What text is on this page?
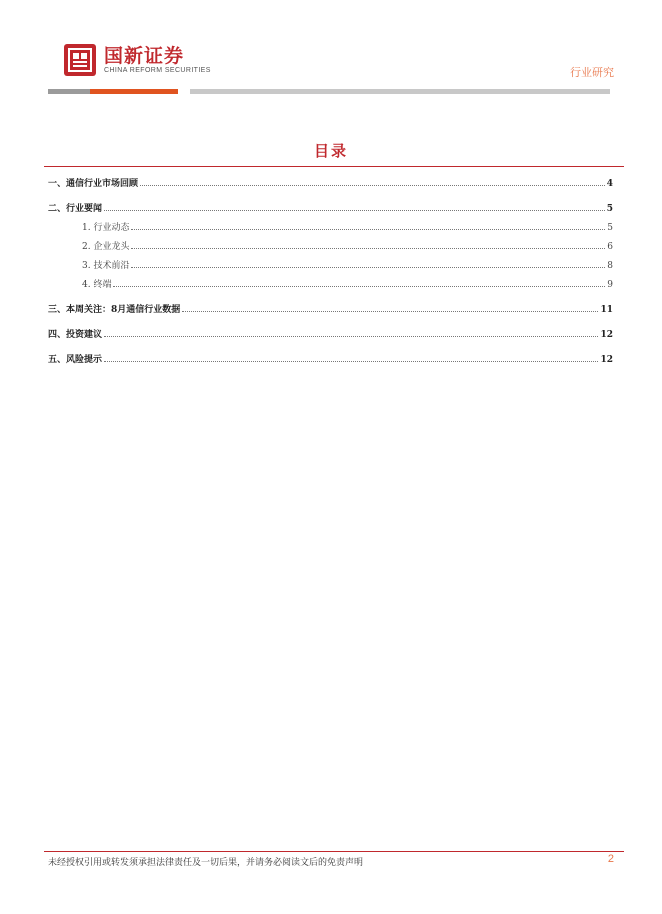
国新证券
CHINA REFORM SECURITIES	行业研究
目录
一、通信行业市场回顾	4
二、行业要闻	5
1. 行业动态	5
2. 企业龙头	6
3. 技术前沿	8
4. 终端	9
三、本周关注：8月通信行业数据	11
四、投资建议	12
五、风险提示	12
未经授权引用或转发须承担法律责任及一切后果，并请务必阅读文后的免责声明	2
